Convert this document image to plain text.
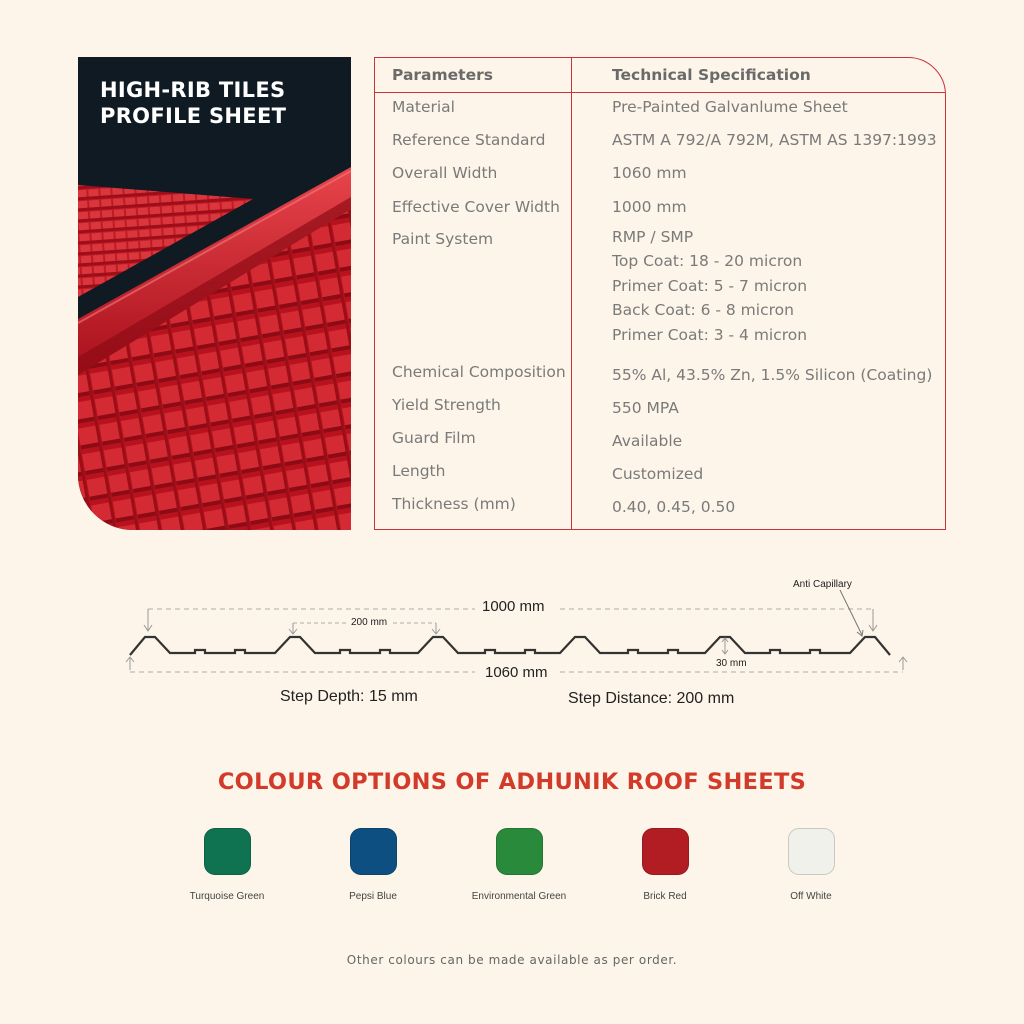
HIGH-RIB TILES
PROFILE SHEET
Parameters	Technical Specification
Material	Pre-Painted Galvanlume Sheet
Reference Standard	ASTM A 792/A 792M, ASTM AS 1397:1993
Overall Width	1060 mm
Effective Cover Width	1000 mm
Paint System	RMP / SMP
Top Coat: 18 - 20 micron
Primer Coat: 5 - 7 micron
Back Coat: 6 - 8 micron
Primer Coat: 3 - 4 micron
Chemical Composition	55% Al, 43.5% Zn, 1.5% Silicon (Coating)
Yield Strength	550 MPA
Guard Film	Available
Length	Customized
Thickness (mm)	0.40, 0.45, 0.50
1000 mm
200 mm
Anti Capillary
30 mm
1060 mm
Step Depth: 15 mm	Step Distance: 200 mm
COLOUR OPTIONS OF ADHUNIK ROOF SHEETS
Turquoise Green	Pepsi Blue	Environmental Green	Brick Red	Off White
Other colours can be made available as per order.
